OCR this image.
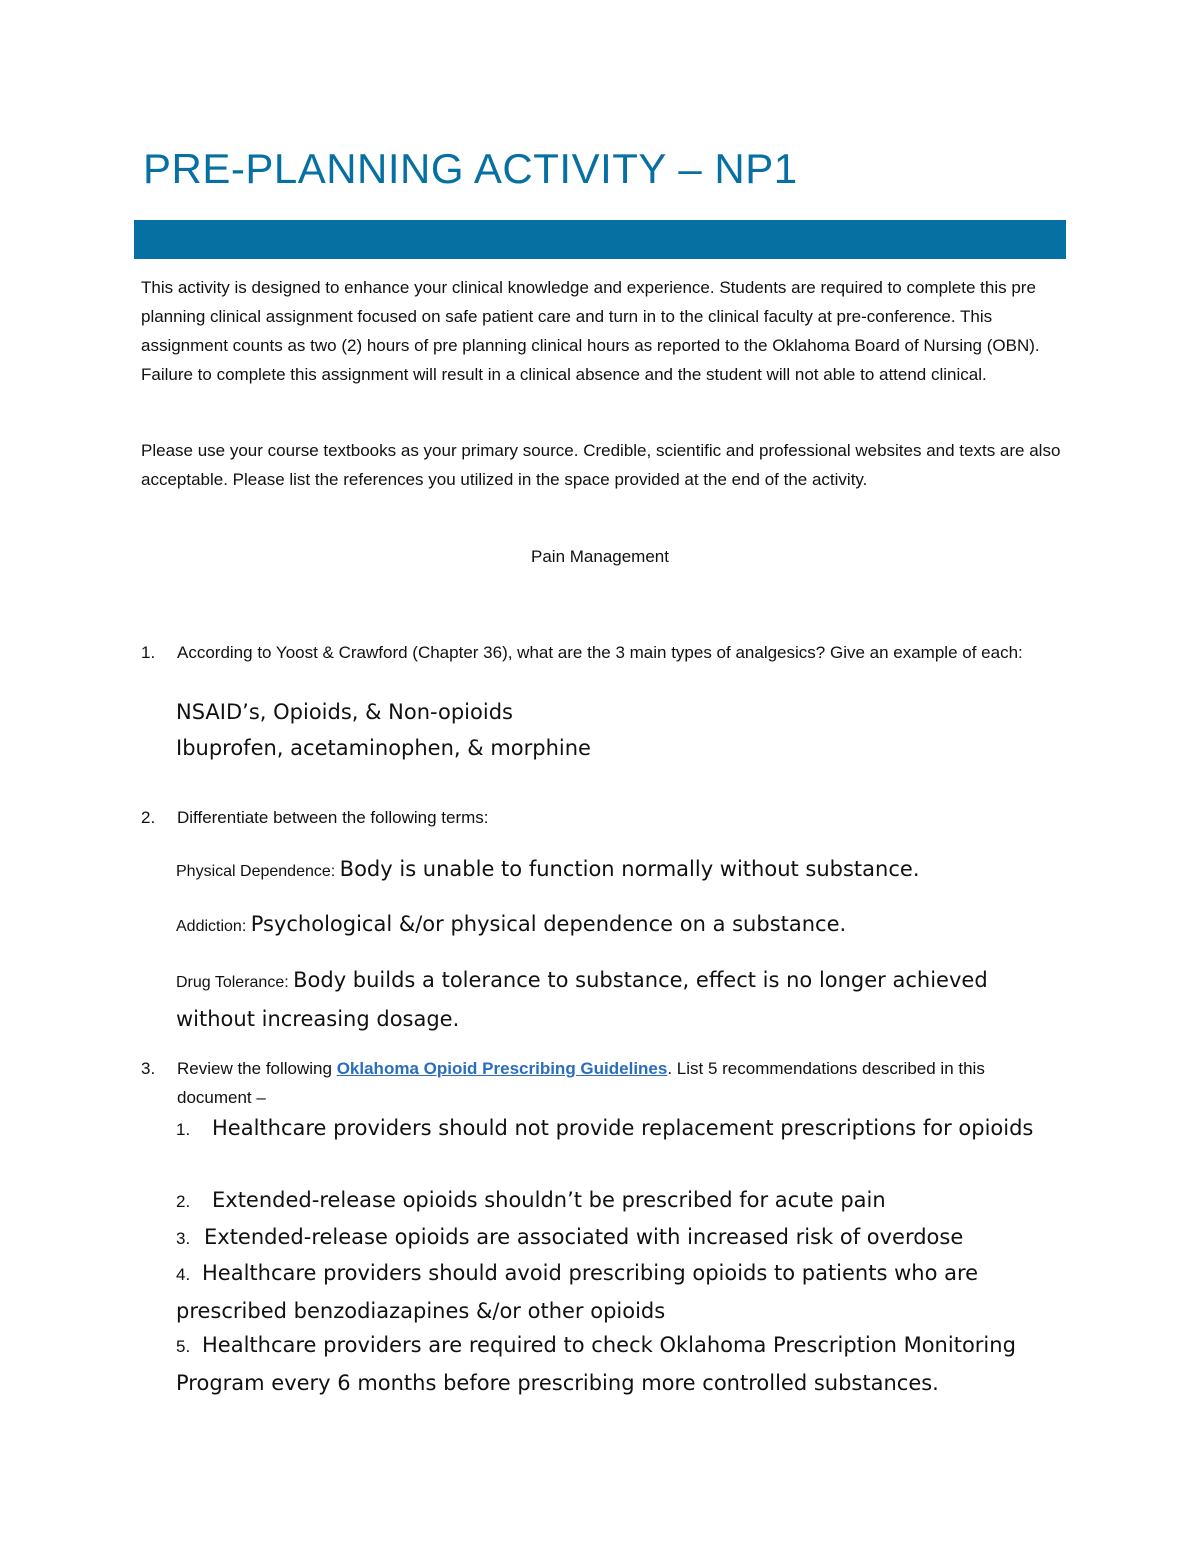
PRE-PLANNING ACTIVITY – NP1

This activity is designed to enhance your clinical knowledge and experience. Students are required to complete this pre planning clinical assignment focused on safe patient care and turn in to the clinical faculty at pre-conference. This assignment counts as two (2) hours of pre planning clinical hours as reported to the Oklahoma Board of Nursing (OBN). Failure to complete this assignment will result in a clinical absence and the student will not able to attend clinical.

Please use your course textbooks as your primary source. Credible, scientific and professional websites and texts are also acceptable. Please list the references you utilized in the space provided at the end of the activity.

Pain Management

1.	According to Yoost & Crawford (Chapter 36), what are the 3 main types of analgesics? Give an example of each:
NSAID’s, Opioids, & Non-opioids
Ibuprofen, acetaminophen, & morphine
2.	Differentiate between the following terms:

Physical Dependence: Body is unable to function normally without substance.

Addiction: Psychological &/or physical dependence on a substance.

Drug Tolerance: Body builds a tolerance to substance, effect is no longer achieved without increasing dosage.

3.	Review the following Oklahoma Opioid Prescribing Guidelines. List 5 recommendations described in this document –
1. Healthcare providers should not provide replacement prescriptions for opioids
2. Extended-release opioids shouldn’t be prescribed for acute pain
3. Extended-release opioids are associated with increased risk of overdose
4. Healthcare providers should avoid prescribing opioids to patients who are prescribed benzodiazapines &/or other opioids
5. Healthcare providers are required to check Oklahoma Prescription Monitoring Program every 6 months before prescribing more controlled substances.
